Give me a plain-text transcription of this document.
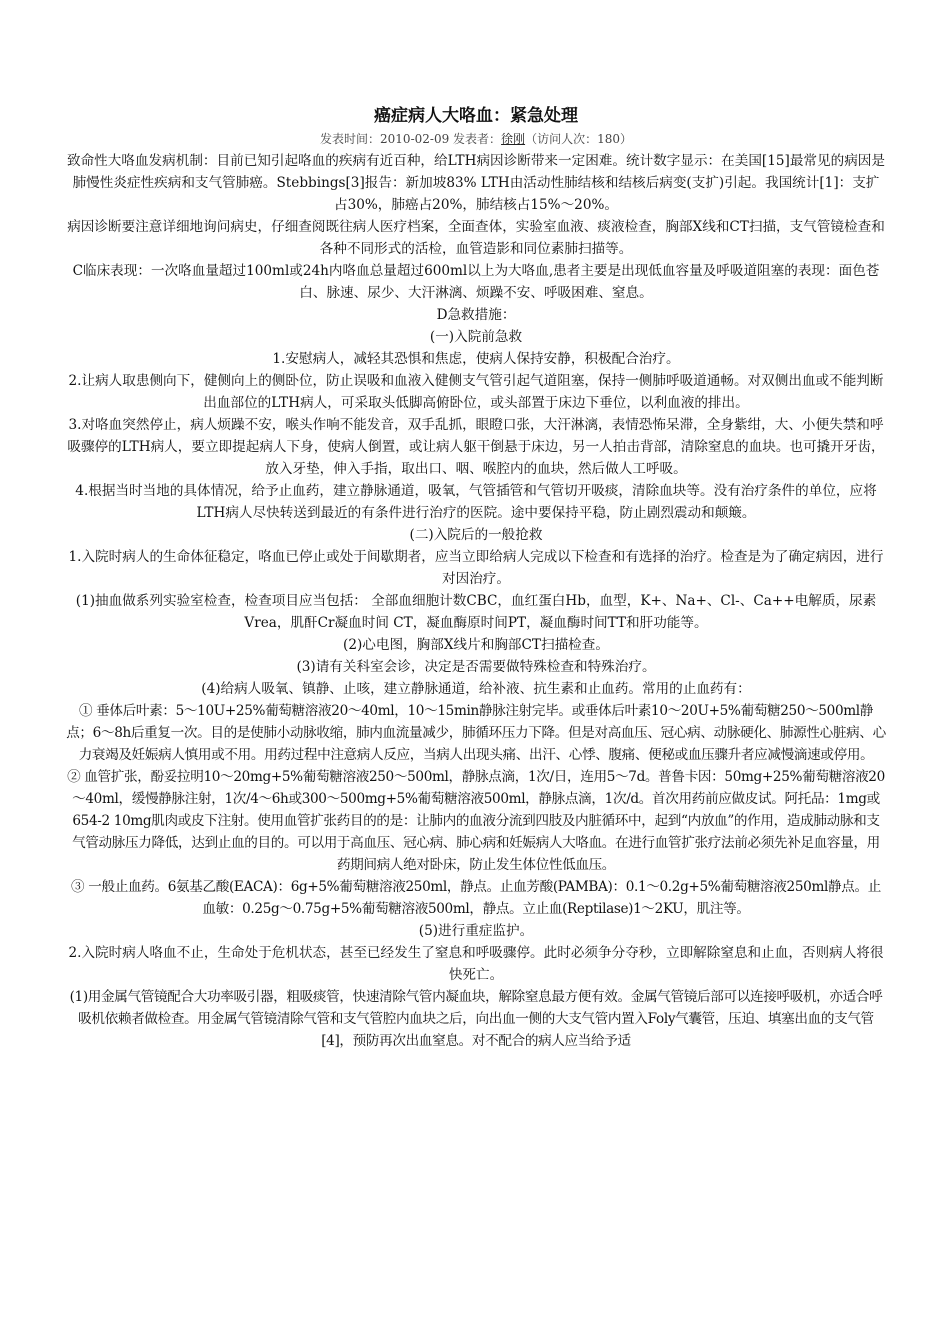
癌症病人大咯血：紧急处理
发表时间：2010-02-09 发表者：徐刚（访问人次：180）

致命性大咯血发病机制：目前已知引起咯血的疾病有近百种，给LTH病因诊断带来一定困难。统计数字显示：在美国[15]最常见的病因是肺慢性炎症性疾病和支气管肺癌。Stebbings[3]报告：新加坡83% LTH由活动性肺结核和结核后病变(支扩)引起。我国统计[1]：支扩占30%，肺癌占20%，肺结核占15%～20%。

病因诊断要注意详细地询问病史，仔细查阅既往病人医疗档案，全面查体，实验室血液、痰液检查，胸部X线和CT扫描，支气管镜检查和各种不同形式的活检，血管造影和同位素肺扫描等。

C临床表现：一次咯血量超过100ml或24h内咯血总量超过600ml以上为大咯血,患者主要是出现低血容量及呼吸道阻塞的表现：面色苍白、脉速、尿少、大汗淋漓、烦躁不安、呼吸困难、窒息。

D急救措施：

(一)入院前急救

1.安慰病人，减轻其恐惧和焦虑，使病人保持安静，积极配合治疗。

2.让病人取患侧向下，健侧向上的侧卧位，防止误吸和血液入健侧支气管引起气道阻塞，保持一侧肺呼吸道通畅。对双侧出血或不能判断出血部位的LTH病人，可采取头低脚高俯卧位，或头部置于床边下垂位，以利血液的排出。

3.对咯血突然停止，病人烦躁不安，喉头作响不能发音，双手乱抓，眼瞪口张，大汗淋漓，表情恐怖呆滞，全身紫绀，大、小便失禁和呼吸骤停的LTH病人，要立即提起病人下身，使病人倒置，或让病人躯干倒悬于床边，另一人拍击背部，清除窒息的血块。也可撬开牙齿，放入牙垫，伸入手指，取出口、咽、喉腔内的血块，然后做人工呼吸。

4.根据当时当地的具体情况，给予止血药，建立静脉通道，吸氧，气管插管和气管切开吸痰，清除血块等。没有治疗条件的单位，应将LTH病人尽快转送到最近的有条件进行治疗的医院。途中要保持平稳，防止剧烈震动和颠簸。

(二)入院后的一般抢救

1.入院时病人的生命体征稳定，咯血已停止或处于间歇期者，应当立即给病人完成以下检查和有选择的治疗。检查是为了确定病因，进行对因治疗。

(1)抽血做系列实验室检查，检查项目应当包括： 全部血细胞计数CBC，血红蛋白Hb，血型，K+、Na+、Cl-、Ca++电解质，尿素Vrea，肌酐Cr凝血时间 CT，凝血酶原时间PT，凝血酶时间TT和肝功能等。

(2)心电图，胸部X线片和胸部CT扫描检查。

(3)请有关科室会诊，决定是否需要做特殊检查和特殊治疗。

(4)给病人吸氧、镇静、止咳，建立静脉通道，给补液、抗生素和止血药。常用的止血药有：

① 垂体后叶素：5～10U+25%葡萄糖溶液20～40ml，10～15min静脉注射完毕。或垂体后叶素10～20U+5%葡萄糖250～500ml静点；6～8h后重复一次。目的是使肺小动脉收缩，肺内血流量减少，肺循环压力下降。但是对高血压、冠心病、动脉硬化、肺源性心脏病、心力衰竭及妊娠病人慎用或不用。用药过程中注意病人反应，当病人出现头痛、出汗、心悸、腹痛、便秘或血压骤升者应减慢滴速或停用。

② 血管扩张，酚妥拉明10～20mg+5%葡萄糖溶液250～500ml，静脉点滴，1次/日，连用5～7d。普鲁卡因：50mg+25%葡萄糖溶液20～40ml，缓慢静脉注射，1次/4～6h或300～500mg+5%葡萄糖溶液500ml，静脉点滴，1次/d。首次用药前应做皮试。阿托品：1mg或654-2 10mg肌肉或皮下注射。使用血管扩张药目的的是：让肺内的血液分流到四肢及内脏循环中，起到“内放血”的作用，造成肺动脉和支气管动脉压力降低，达到止血的目的。可以用于高血压、冠心病、肺心病和妊娠病人大咯血。在进行血管扩张疗法前必须先补足血容量，用药期间病人绝对卧床，防止发生体位性低血压。

③ 一般止血药。6氨基乙酸(EACA)：6g+5%葡萄糖溶液250ml，静点。止血芳酸(PAMBA)：0.1～0.2g+5%葡萄糖溶液250ml静点。止血敏：0.25g～0.75g+5%葡萄糖溶液500ml，静点。立止血(Reptilase)1～2KU，肌注等。

(5)进行重症监护。

2.入院时病人咯血不止，生命处于危机状态，甚至已经发生了窒息和呼吸骤停。此时必须争分夺秒，立即解除窒息和止血，否则病人将很快死亡。

(1)用金属气管镜配合大功率吸引器，粗吸痰管，快速清除气管内凝血块，解除窒息最方便有效。金属气管镜后部可以连接呼吸机，亦适合呼吸机依赖者做检查。用金属气管镜清除气管和支气管腔内血块之后，向出血一侧的大支气管内置入Foly气囊管，压迫、填塞出血的支气管[4]，预防再次出血窒息。对不配合的病人应当给予适
